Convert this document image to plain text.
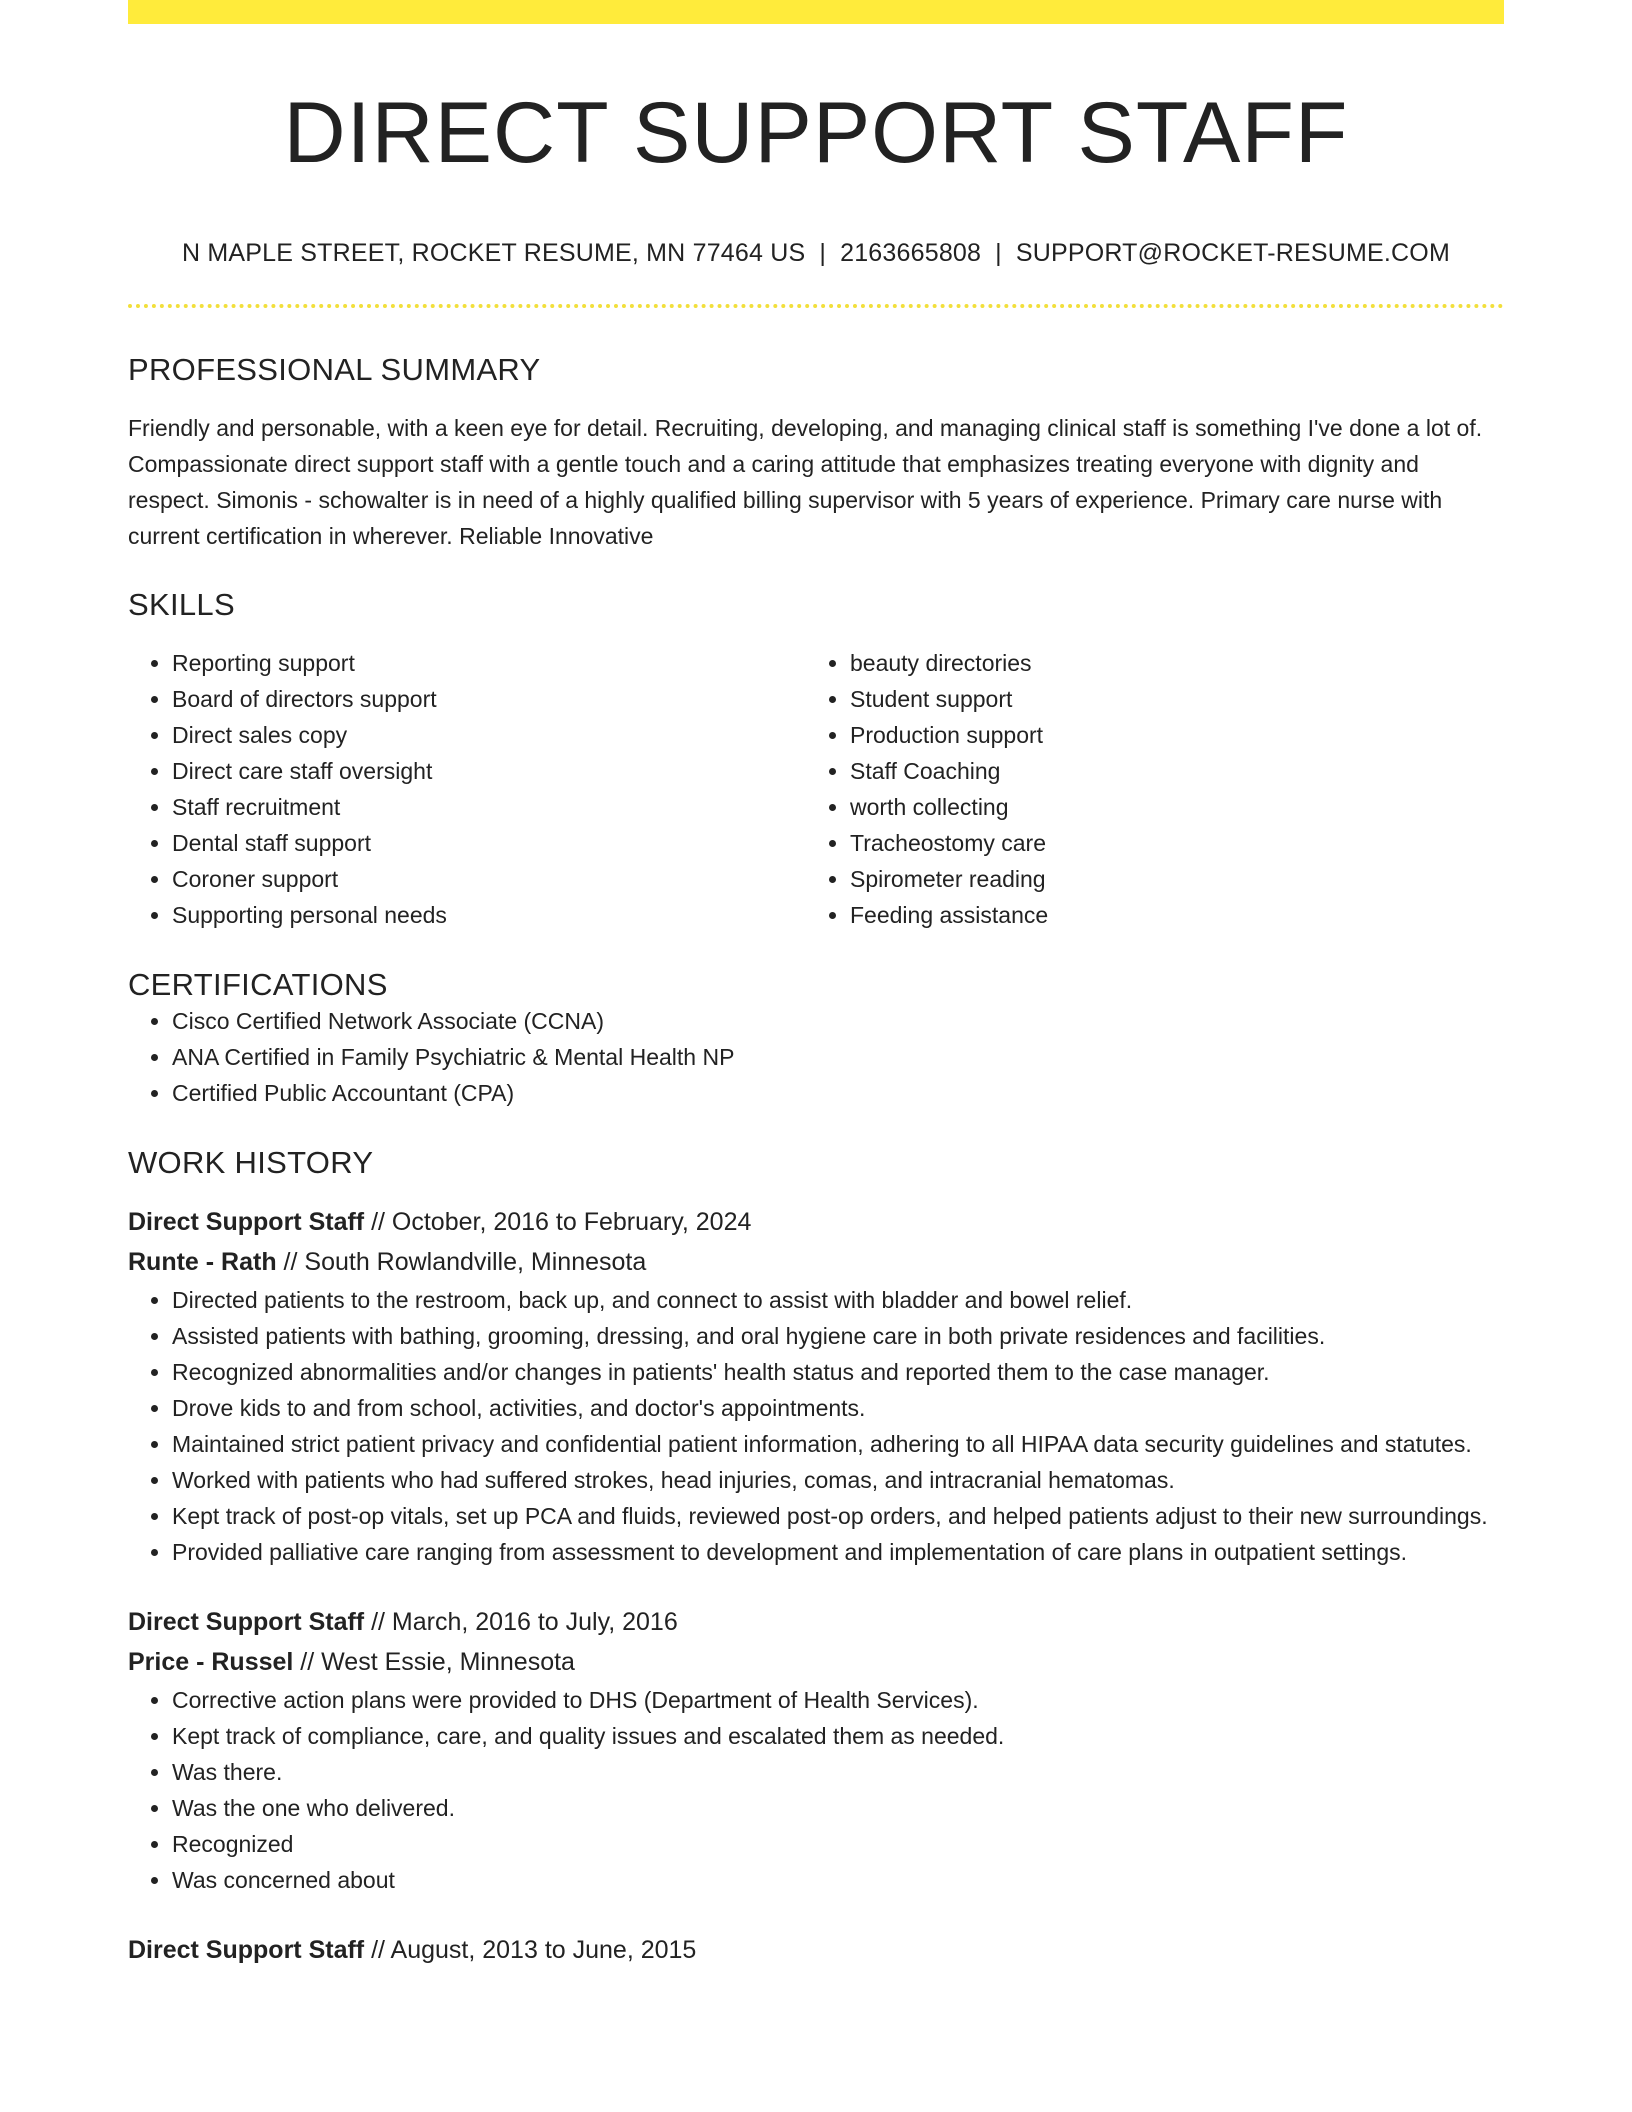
DIRECT SUPPORT STAFF
N MAPLE STREET, ROCKET RESUME, MN 77464 US | 2163665808 | SUPPORT@ROCKET-RESUME.COM
PROFESSIONAL SUMMARY

Friendly and personable, with a keen eye for detail. Recruiting, developing, and managing clinical staff is something I've done a lot of. Compassionate direct support staff with a gentle touch and a caring attitude that emphasizes treating everyone with dignity and respect. Simonis - schowalter is in need of a highly qualified billing supervisor with 5 years of experience. Primary care nurse with current certification in wherever. Reliable Innovative

SKILLS
• Reporting support
• Board of directors support
• Direct sales copy
• Direct care staff oversight
• Staff recruitment
• Dental staff support
• Coroner support
• Supporting personal needs
• beauty directories
• Student support
• Production support
• Staff Coaching
• worth collecting
• Tracheostomy care
• Spirometer reading
• Feeding assistance
CERTIFICATIONS
• Cisco Certified Network Associate (CCNA)
• ANA Certified in Family Psychiatric & Mental Health NP
• Certified Public Accountant (CPA)
WORK HISTORY
Direct Support Staff // October, 2016 to February, 2024
Runte - Rath // South Rowlandville, Minnesota
• Directed patients to the restroom, back up, and connect to assist with bladder and bowel relief.
• Assisted patients with bathing, grooming, dressing, and oral hygiene care in both private residences and facilities.
• Recognized abnormalities and/or changes in patients' health status and reported them to the case manager.
• Drove kids to and from school, activities, and doctor's appointments.
• Maintained strict patient privacy and confidential patient information, adhering to all HIPAA data security guidelines and statutes.
• Worked with patients who had suffered strokes, head injuries, comas, and intracranial hematomas.
• Kept track of post-op vitals, set up PCA and fluids, reviewed post-op orders, and helped patients adjust to their new surroundings.
• Provided palliative care ranging from assessment to development and implementation of care plans in outpatient settings.
Direct Support Staff // March, 2016 to July, 2016
Price - Russel // West Essie, Minnesota
• Corrective action plans were provided to DHS (Department of Health Services).
• Kept track of compliance, care, and quality issues and escalated them as needed.
• Was there.
• Was the one who delivered.
• Recognized
• Was concerned about
Direct Support Staff // August, 2013 to June, 2015
